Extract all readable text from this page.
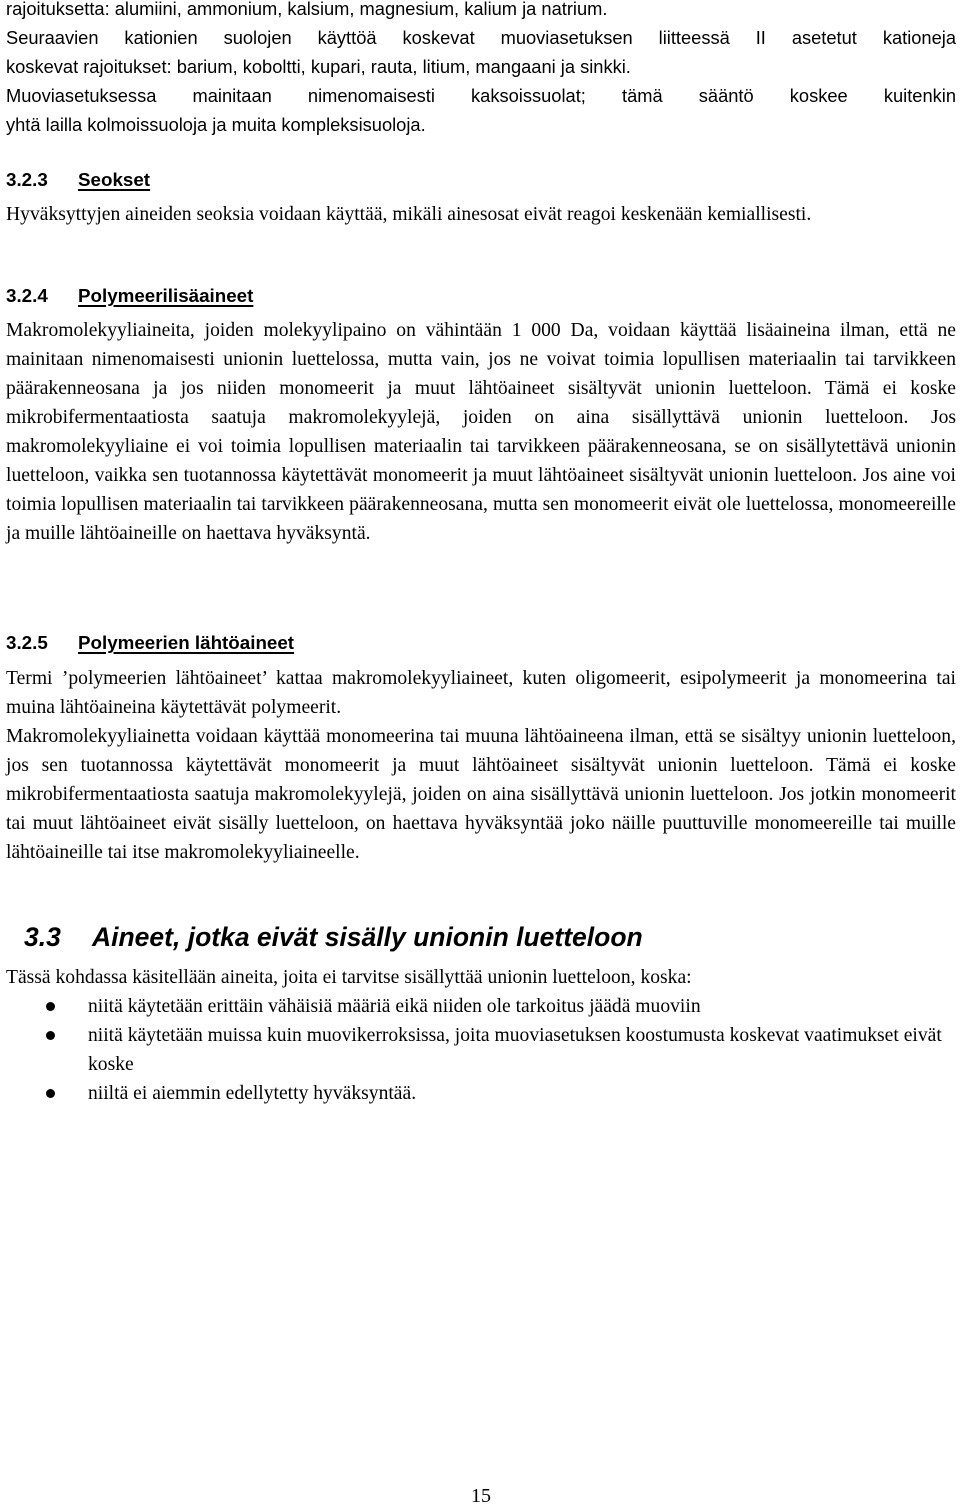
rajoituksetta: alumiini, ammonium, kalsium, magnesium, kalium ja natrium.

Seuraavien kationien suolojen käyttöä koskevat muoviasetuksen liitteessä II asetetut kationeja

koskevat rajoitukset: barium, koboltti, kupari, rauta, litium, mangaani ja sinkki.

Muoviasetuksessa mainitaan nimenomaisesti kaksoissuolat; tämä sääntö koskee kuitenkin

yhtä lailla kolmoissuoloja ja muita kompleksisuoloja.

3.2.3 Seokset

Hyväksyttyjen aineiden seoksia voidaan käyttää, mikäli ainesosat eivät reagoi keskenään kemiallisesti.

3.2.4 Polymeerilisäaineet

Makromolekyyliaineita, joiden molekyylipaino on vähintään 1 000 Da, voidaan käyttää lisäaineina ilman, että ne mainitaan nimenomaisesti unionin luettelossa, mutta vain, jos ne voivat toimia lopullisen materiaalin tai tarvikkeen päärakenneosana ja jos niiden monomeerit ja muut lähtöaineet sisältyvät unionin luetteloon. Tämä ei koske mikrobifermentaatiosta saatuja makromolekyylejä, joiden on aina sisällyttävä unionin luetteloon. Jos makromolekyyliaine ei voi toimia lopullisen materiaalin tai tarvikkeen päärakenneosana, se on sisällytettävä unionin luetteloon, vaikka sen tuotannossa käytettävät monomeerit ja muut lähtöaineet sisältyvät unionin luetteloon. Jos aine voi toimia lopullisen materiaalin tai tarvikkeen päärakenneosana, mutta sen monomeerit eivät ole luettelossa, monomeereille ja muille lähtöaineille on haettava hyväksyntä.

3.2.5 Polymeerien lähtöaineet

Termi ’polymeerien lähtöaineet’ kattaa makromolekyyliaineet, kuten oligomeerit, esipolymeerit ja monomeerina tai muina lähtöaineina käytettävät polymeerit.

Makromolekyyliainetta voidaan käyttää monomeerina tai muuna lähtöaineena ilman, että se sisältyy unionin luetteloon, jos sen tuotannossa käytettävät monomeerit ja muut lähtöaineet sisältyvät unionin luetteloon. Tämä ei koske mikrobifermentaatiosta saatuja makromolekyylejä, joiden on aina sisällyttävä unionin luetteloon. Jos jotkin monomeerit tai muut lähtöaineet eivät sisälly luetteloon, on haettava hyväksyntää joko näille puuttuville monomeereille tai muille lähtöaineille tai itse makromolekyyliaineelle.

3.3 Aineet, jotka eivät sisälly unionin luetteloon

Tässä kohdassa käsitellään aineita, joita ei tarvitse sisällyttää unionin luetteloon, koska:

niitä käytetään erittäin vähäisiä määriä eikä niiden ole tarkoitus jäädä muoviin
niitä käytetään muissa kuin muovikerroksissa, joita muoviasetuksen koostumusta koskevat vaatimukset eivät koske
niiltä ei aiemmin edellytetty hyväksyntää.
15
